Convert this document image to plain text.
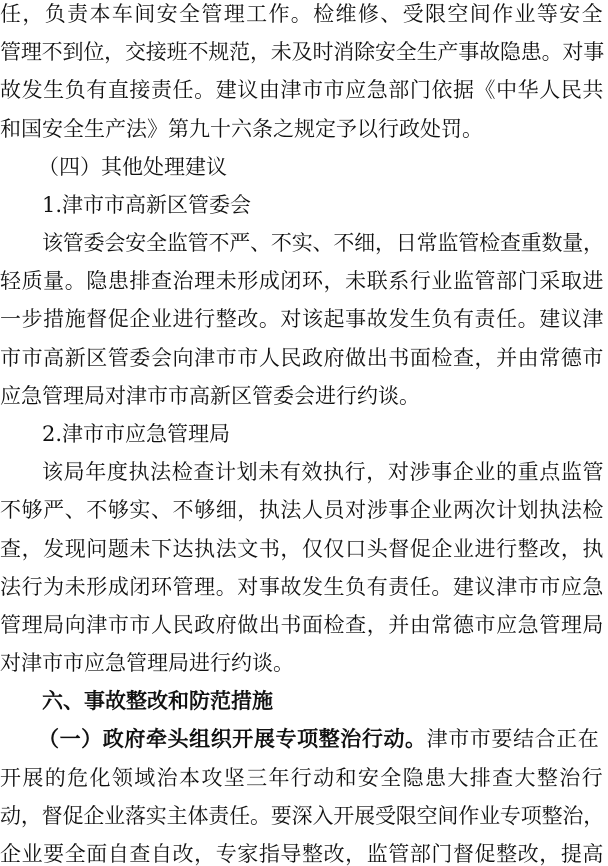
任，负责本车间安全管理工作。检维修、受限空间作业等安全
管理不到位，交接班不规范，未及时消除安全生产事故隐患。对事
故发生负有直接责任。建议由津市市应急部门依据《中华人民共
和国安全生产法》第九十六条之规定予以行政处罚。
（四）其他处理建议
1.津市市高新区管委会
该管委会安全监管不严、不实、不细，日常监管检查重数量，
轻质量。隐患排查治理未形成闭环，未联系行业监管部门采取进
一步措施督促企业进行整改。对该起事故发生负有责任。建议津
市市高新区管委会向津市市人民政府做出书面检查，并由常德市
应急管理局对津市市高新区管委会进行约谈。
2.津市市应急管理局
该局年度执法检查计划未有效执行，对涉事企业的重点监管
不够严、不够实、不够细，执法人员对涉事企业两次计划执法检
查，发现问题未下达执法文书，仅仅口头督促企业进行整改，执
法行为未形成闭环管理。对事故发生负有责任。建议津市市应急
管理局向津市市人民政府做出书面检查，并由常德市应急管理局
对津市市应急管理局进行约谈。
六、事故整改和防范措施
（一）政府牵头组织开展专项整治行动。津市市要结合正在
开展的危化领域治本攻坚三年行动和安全隐患大排查大整治行
动，督促企业落实主体责任。要深入开展受限空间作业专项整治，
企业要全面自查自改，专家指导整改，监管部门督促整改，提高
